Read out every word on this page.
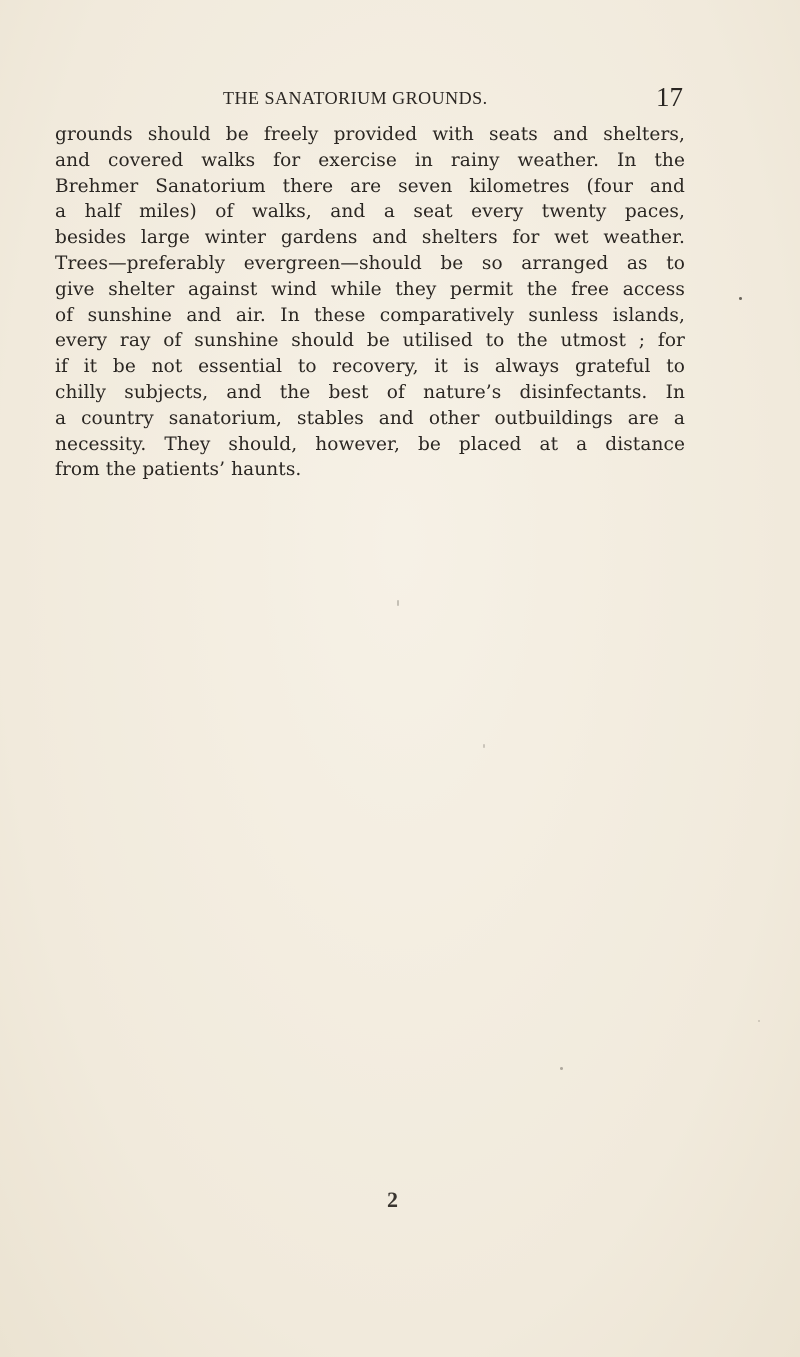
THE SANATORIUM GROUNDS.	17
grounds should be freely provided with seats and shelters,
and covered walks for exercise in rainy weather. In the
Brehmer Sanatorium there are seven kilometres (four and
a half miles) of walks, and a seat every twenty paces,
besides large winter gardens and shelters for wet weather.
Trees—preferably evergreen—should be so arranged as to
give shelter against wind while they permit the free access
of sunshine and air. In these comparatively sunless islands,
every ray of sunshine should be utilised to the utmost ; for
if it be not essential to recovery, it is always grateful to
chilly subjects, and the best of nature’s disinfectants. In
a country sanatorium, stables and other outbuildings are a
necessity. They should, however, be placed at a distance
from the patients’ haunts.
2
